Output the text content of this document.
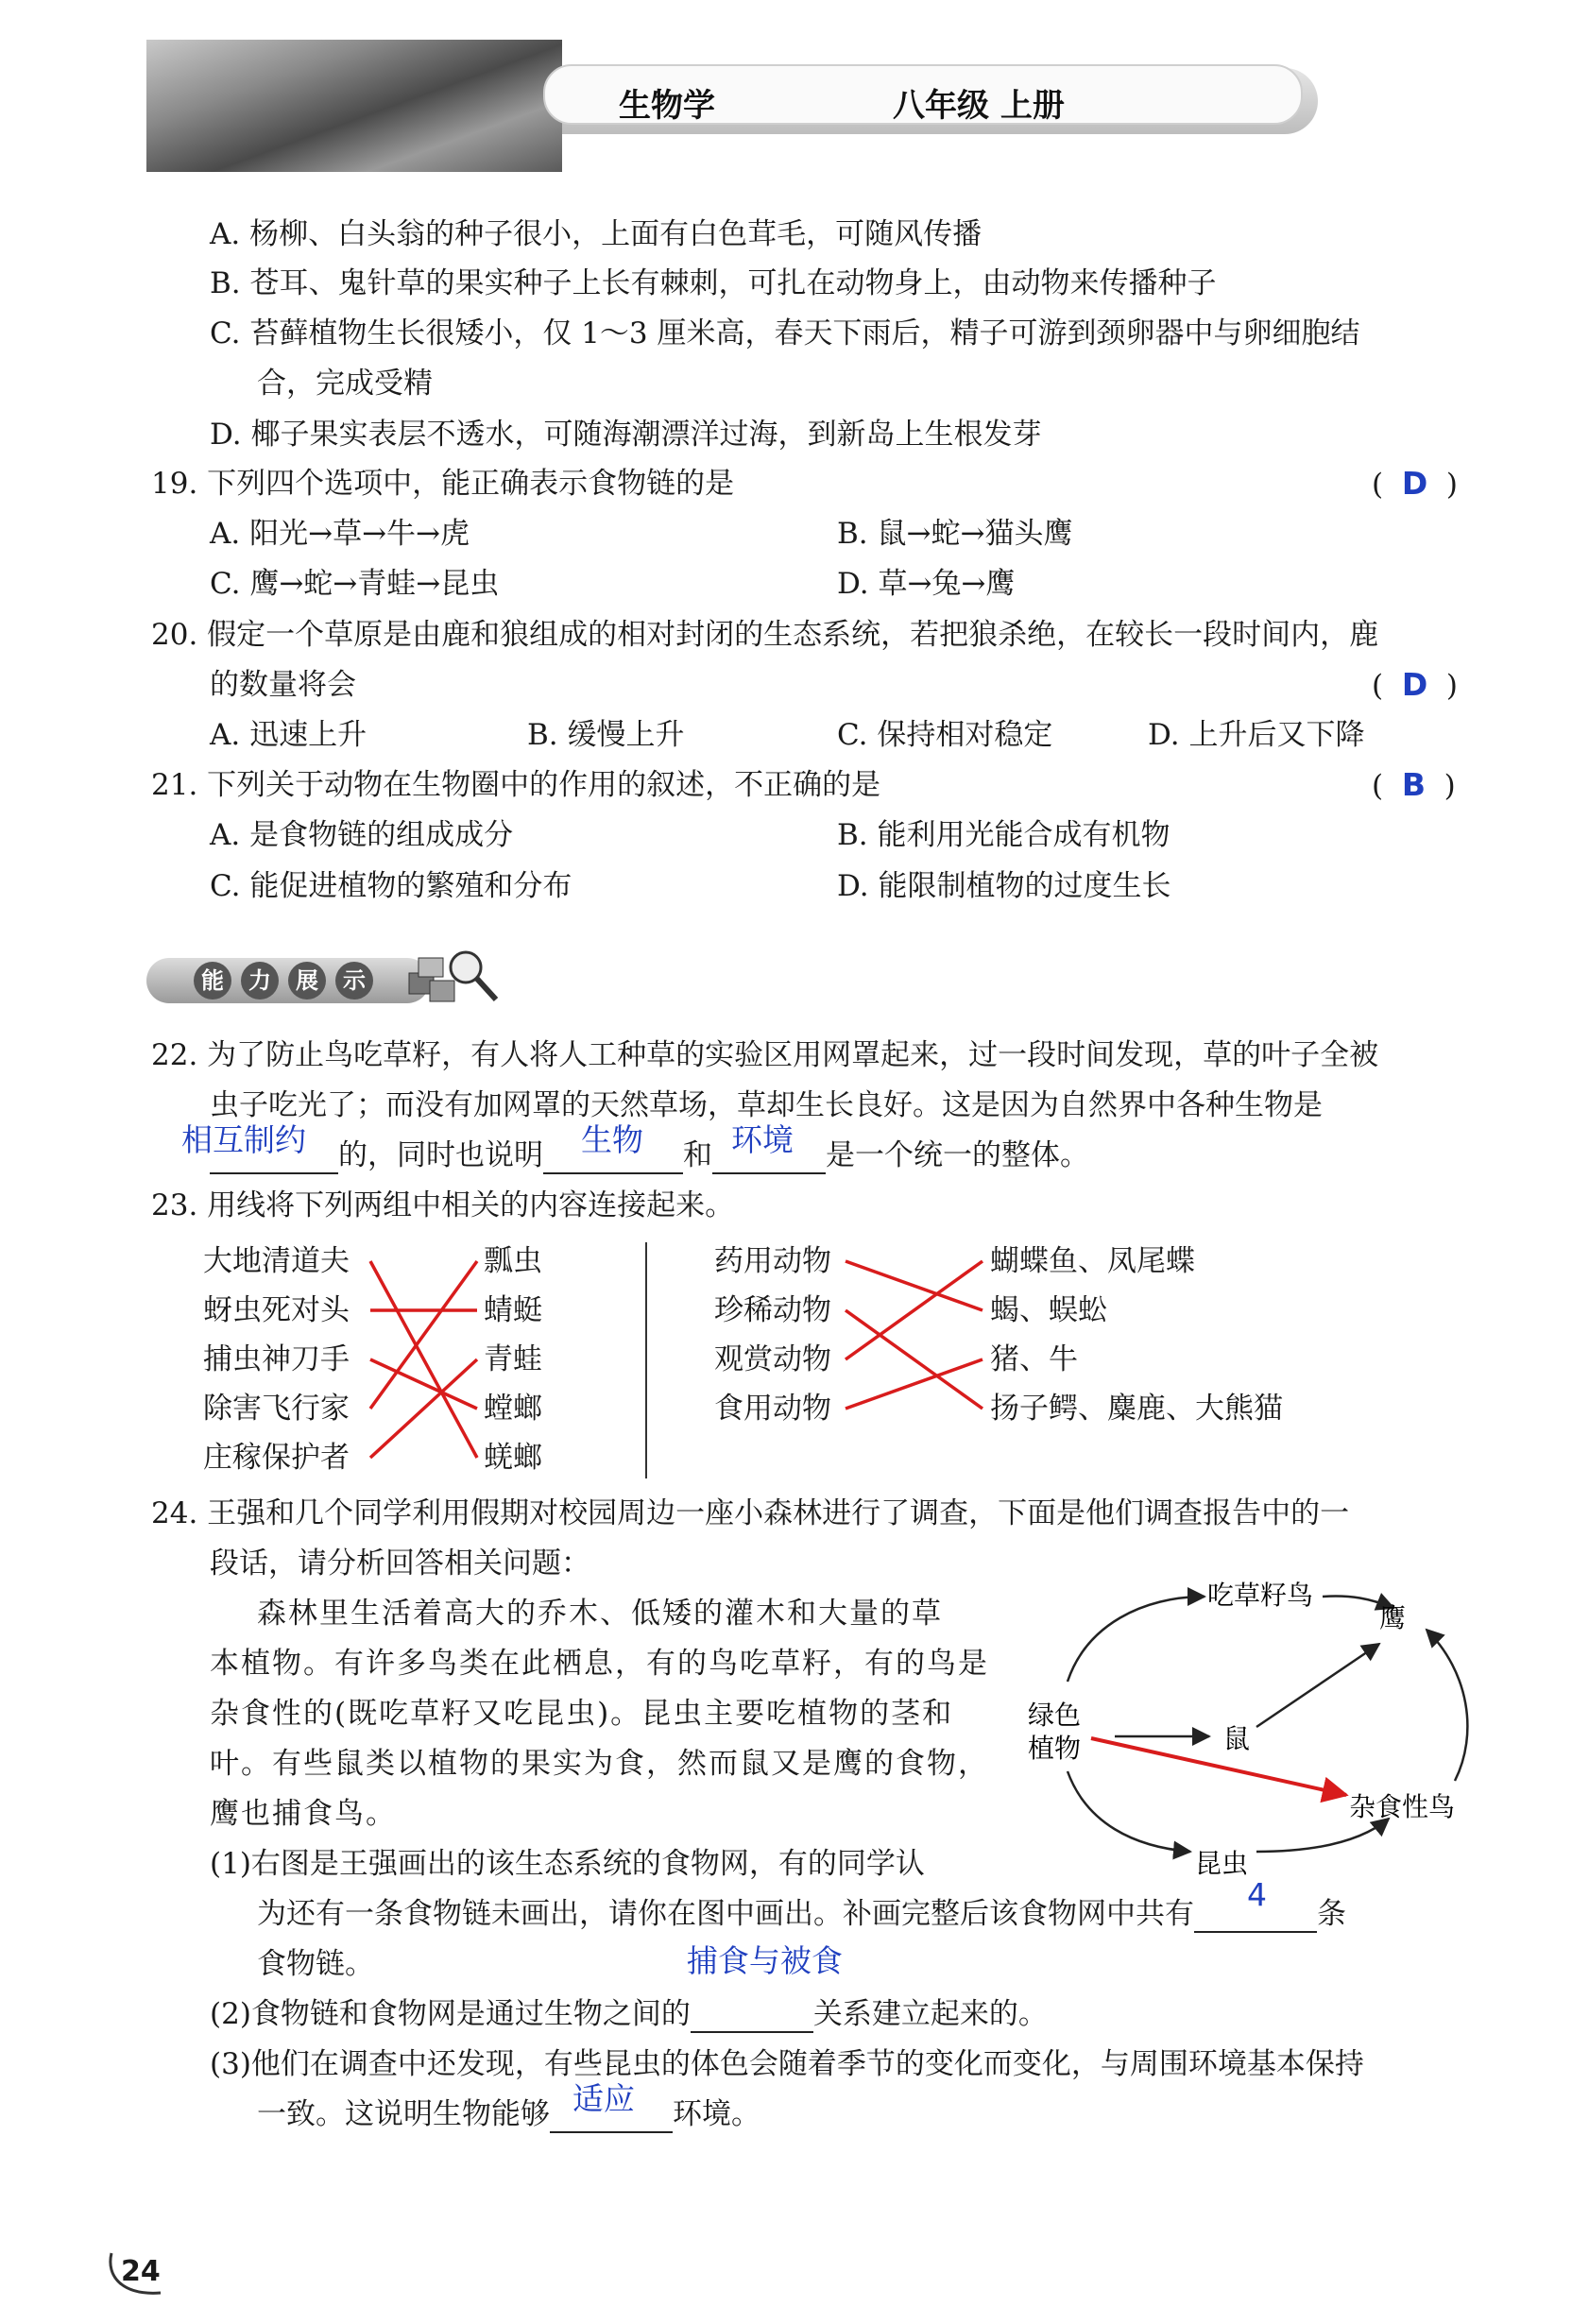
生物学	八年级 上册
A. 杨柳、白头翁的种子很小，上面有白色茸毛，可随风传播
B. 苍耳、鬼针草的果实种子上长有棘刺，可扎在动物身上，由动物来传播种子
C. 苔藓植物生长很矮小，仅 1～3 厘米高，春天下雨后，精子可游到颈卵器中与卵细胞结
合，完成受精
D. 椰子果实表层不透水，可随海潮漂洋过海，到新岛上生根发芽
19. 下列四个选项中，能正确表示食物链的是	(  D  )
A. 阳光→草→牛→虎	B. 鼠→蛇→猫头鹰
C. 鹰→蛇→青蛙→昆虫	D. 草→兔→鹰
20. 假定一个草原是由鹿和狼组成的相对封闭的生态系统，若把狼杀绝，在较长一段时间内，鹿
的数量将会	(  D  )
A. 迅速上升	B. 缓慢上升	C. 保持相对稳定	D. 上升后又下降
21. 下列关于动物在生物圈中的作用的叙述，不正确的是	(  B  )
A. 是食物链的组成成分	B. 能利用光能合成有机物
C. 能促进植物的繁殖和分布	D. 能限制植物的过度生长
能	力	展	示
22. 为了防止鸟吃草籽，有人将人工种草的实验区用网罩起来，过一段时间发现，草的叶子全被
虫子吃光了；而没有加网罩的天然草场，草却生长良好。这是因为自然界中各种生物是
相互制约 的，同时也说明 生物 和 环境 是一个统一的整体。
23. 用线将下列两组中相关的内容连接起来。
大地清道夫
蚜虫死对头
捕虫神刀手
除害飞行家
庄稼保护者
瓢虫
蜻蜓
青蛙
螳螂
蜣螂
药用动物
珍稀动物
观赏动物
食用动物
蝴蝶鱼、凤尾蝶
蝎、蜈蚣
猪、牛
扬子鳄、麋鹿、大熊猫
24. 王强和几个同学利用假期对校园周边一座小森林进行了调查，下面是他们调查报告中的一
段话，请分析回答相关问题：
森林里生活着高大的乔木、低矮的灌木和大量的草
本植物。有许多鸟类在此栖息，有的鸟吃草籽，有的鸟是
杂食性的(既吃草籽又吃昆虫)。昆虫主要吃植物的茎和
叶。有些鼠类以植物的果实为食，然而鼠又是鹰的食物，
鹰也捕食鸟。
(1)右图是王强画出的该生态系统的食物网，有的同学认
为还有一条食物链未画出，请你在图中画出。补画完整后该食物网中共有
4
条
食物链。
(2)食物链和食物网是通过生物之间的
捕食与被食
关系建立起来的。
(3)他们在调查中还发现，有些昆虫的体色会随着季节的变化而变化，与周围环境基本保持
一致。这说明生物能够 适应 环境。
吃草籽鸟
鹰
绿色
植物	鼠
杂食性鸟
昆虫
24
